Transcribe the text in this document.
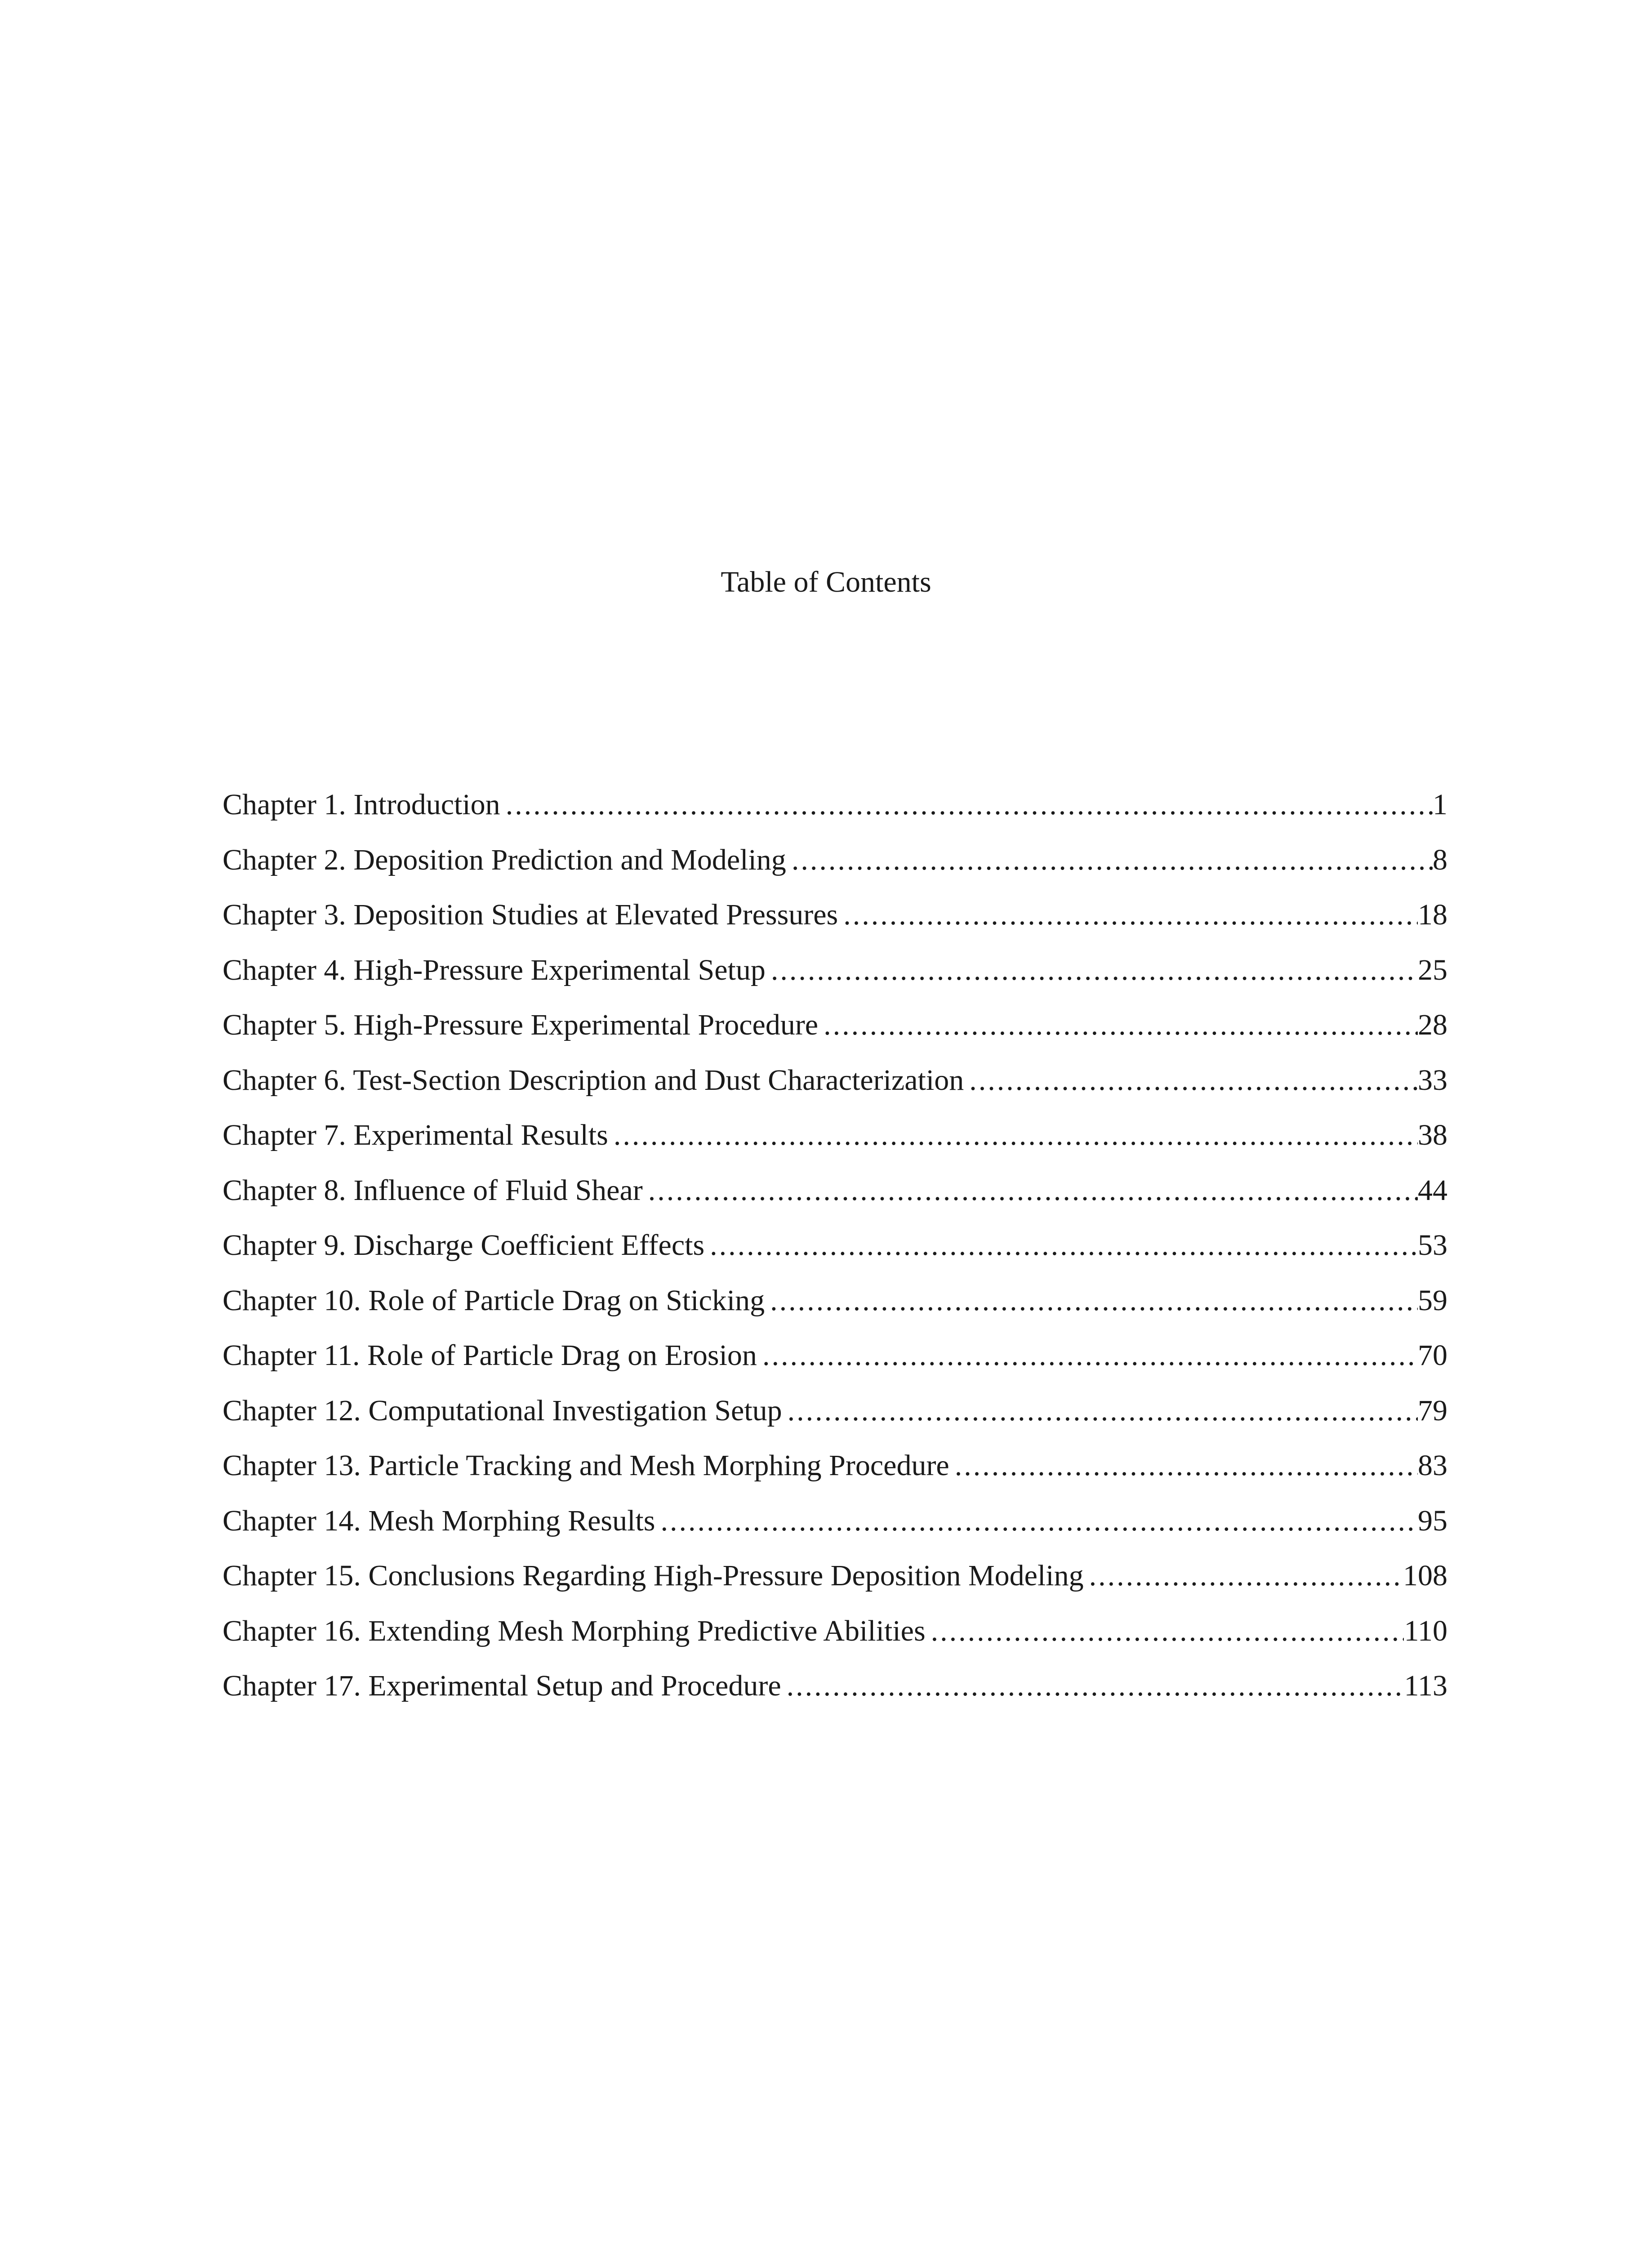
Table of Contents
Chapter 1. Introduction .....	1
Chapter 2. Deposition Prediction and Modeling .....	8
Chapter 3. Deposition Studies at Elevated Pressures .....	18
Chapter 4. High-Pressure Experimental Setup .....	25
Chapter 5. High-Pressure Experimental Procedure .....	28
Chapter 6. Test-Section Description and Dust Characterization .....	33
Chapter 7. Experimental Results .....	38
Chapter 8. Influence of Fluid Shear .....	44
Chapter 9. Discharge Coefficient Effects .....	53
Chapter 10. Role of Particle Drag on Sticking .....	59
Chapter 11. Role of Particle Drag on Erosion .....	70
Chapter 12. Computational Investigation Setup .....	79
Chapter 13. Particle Tracking and Mesh Morphing Procedure .....	83
Chapter 14. Mesh Morphing Results .....	95
Chapter 15. Conclusions Regarding High-Pressure Deposition Modeling .....	108
Chapter 16. Extending Mesh Morphing Predictive Abilities .....	110
Chapter 17. Experimental Setup and Procedure .....	113
